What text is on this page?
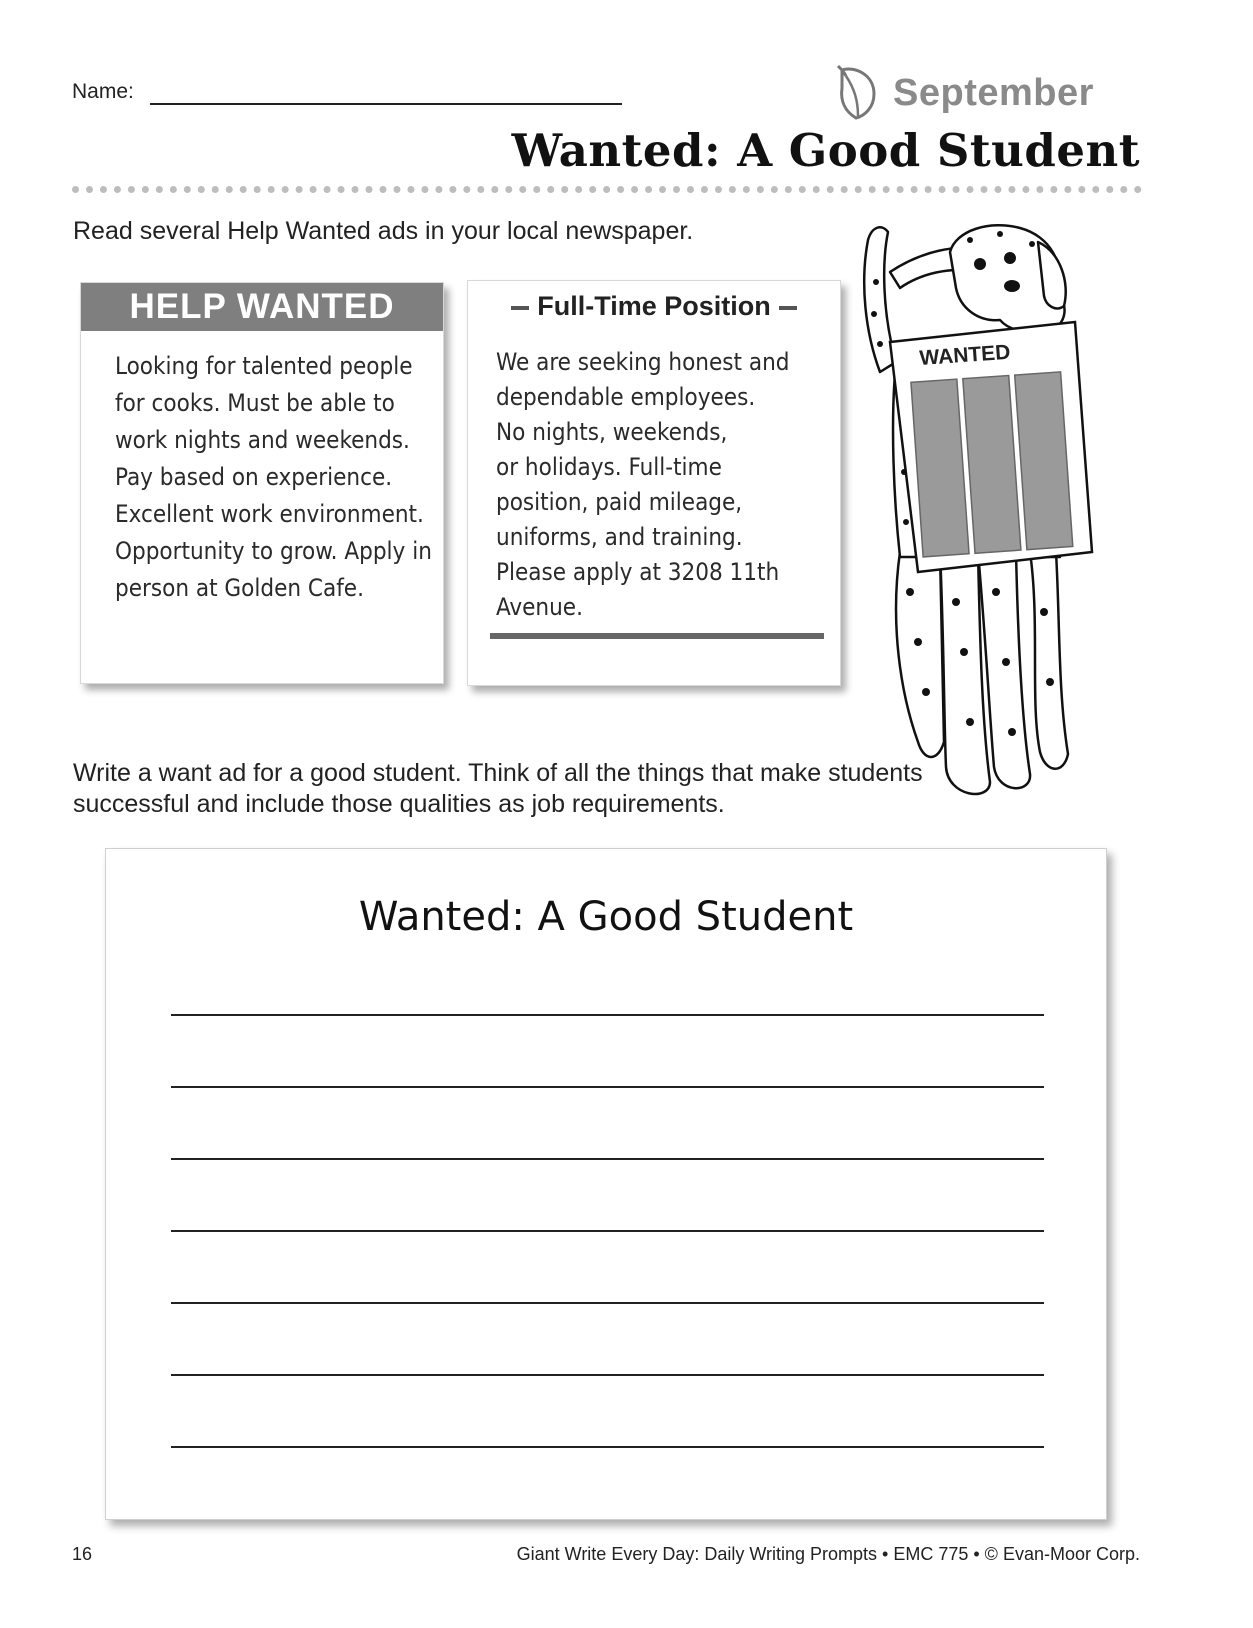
Name:	September
Wanted: A Good Student
Read several Help Wanted ads in your local newspaper.
HELP WANTED
Looking for talented people for cooks. Must be able to work nights and weekends. Pay based on experience. Excellent work environment. Opportunity to grow. Apply in person at Golden Cafe.
Full-Time Position
We are seeking honest and
dependable employees.
No nights, weekends,
or holidays. Full-time
position, paid mileage,
uniforms, and training.
Please apply at 3208 11th
Avenue.
WANTED
Write a want ad for a good student. Think of all the things that make students successful and include those qualities as job requirements.
Wanted: A Good Student
16	Giant Write Every Day: Daily Writing Prompts • EMC 775 • © Evan-Moor Corp.
